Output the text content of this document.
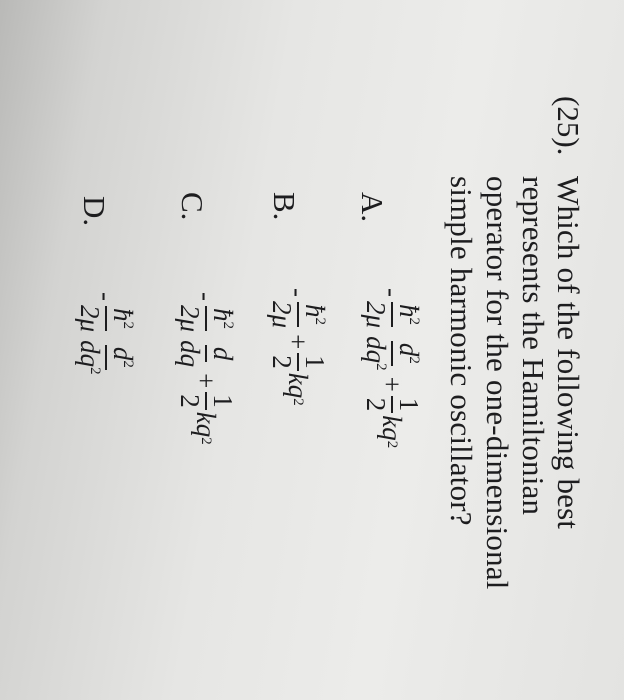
(25).
Which of the following best
represents the Hamiltonian
operator for the one-dimensional
simple harmonic oscillator?
A.
-
$ħ^2$
2μ
$d^2$
$dq^2$
+
1
2
kq
2
B.
-
$ħ^2$
2μ
+
1
2
kq
2
C.
-
$ħ^2$
2μ
d
dq
+
1
2
kq
2
D.
-
$ħ^2$
2μ
$d^2$
$dq^2$
